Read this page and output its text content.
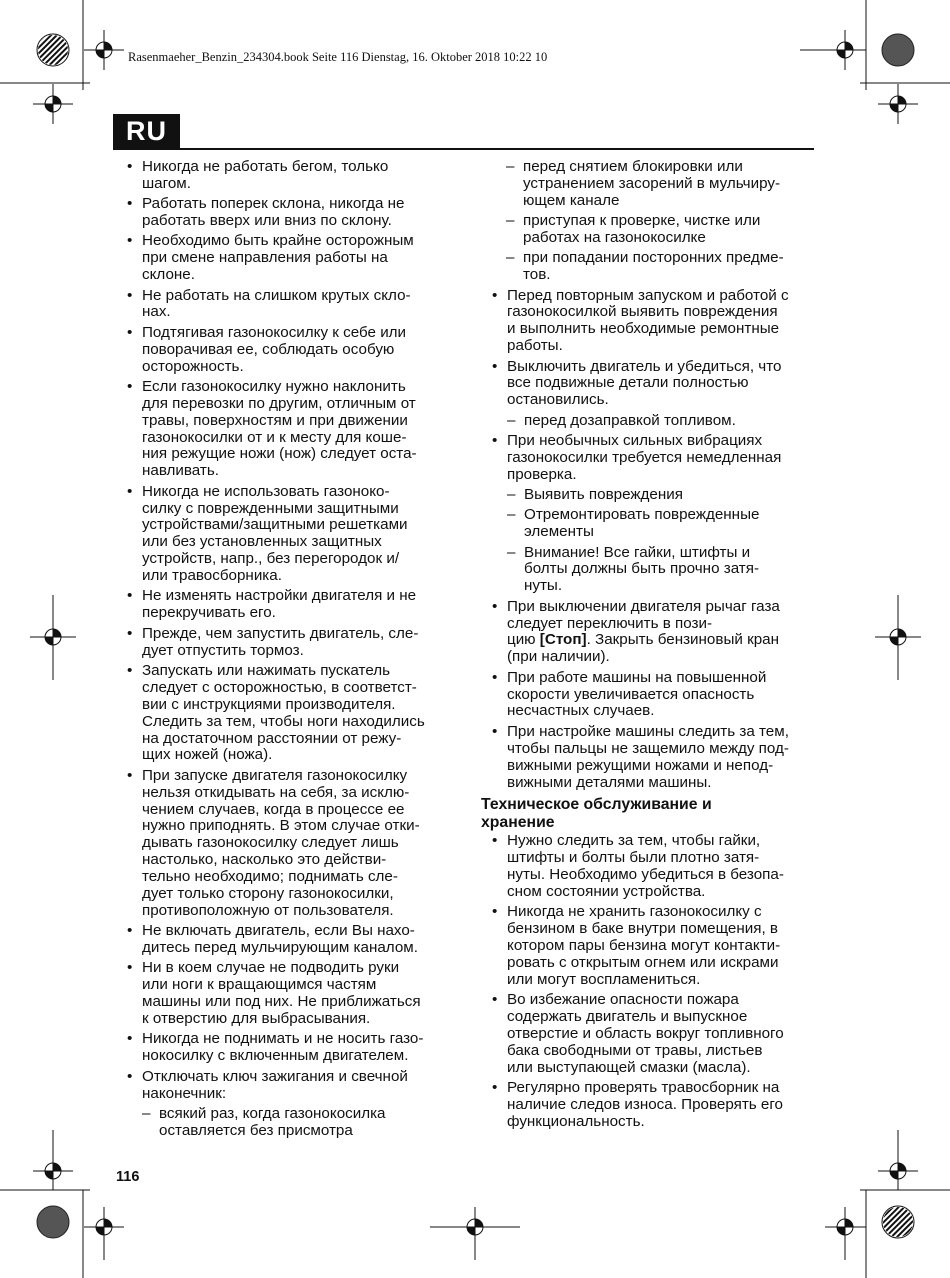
Rasenmaeher_Benzin_234304.book Seite 116 Dienstag, 16. Oktober 2018 10:22 10
RU
• Никогда не работать бегом, только
шагом.
• Работать поперек склона, никогда не
работать вверх или вниз по склону.
• Необходимо быть крайне осторожным
при смене направления работы на
склоне.
• Не работать на слишком крутых скло-
нах.
• Подтягивая газонокосилку к себе или
поворачивая ее, соблюдать особую
осторожность.
• Если газонокосилку нужно наклонить
для перевозки по другим, отличным от
травы, поверхностям и при движении
газонокосилки от и к месту для коше-
ния режущие ножи (нож) следует оста-
навливать.
• Никогда не использовать газоноко-
силку с поврежденными защитными
устройствами/защитными решетками
или без установленных защитных
устройств, напр., без перегородок и/
или травосборника.
• Не изменять настройки двигателя и не
перекручивать его.
• Прежде, чем запустить двигатель, сле-
дует отпустить тормоз.
• Запускать или нажимать пускатель
следует с осторожностью, в соответст-
вии с инструкциями производителя.
Следить за тем, чтобы ноги находились
на достаточном расстоянии от режу-
щих ножей (ножа).
• При запуске двигателя газонокосилку
нельзя откидывать на себя, за исклю-
чением случаев, когда в процессе ее
нужно приподнять. В этом случае отки-
дывать газонокосилку следует лишь
настолько, насколько это действи-
тельно необходимо; поднимать сле-
дует только сторону газонокосилки,
противоположную от пользователя.
• Не включать двигатель, если Вы нахо-
дитесь перед мульчирующим каналом.
• Ни в коем случае не подводить руки
или ноги к вращающимся частям
машины или под них. Не приближаться
к отверстию для выбрасывания.
• Никогда не поднимать и не носить газо-
нокосилку с включенным двигателем.
• Отключать ключ зажигания и свечной
наконечник:
– всякий раз, когда газонокосилка
оставляется без присмотра
– перед снятием блокировки или
устранением засорений в мульчиру-
ющем канале
– приступая к проверке, чистке или
работах на газонокосилке
– при попадании посторонних предме-
тов.
• Перед повторным запуском и работой с
газонокосилкой выявить повреждения
и выполнить необходимые ремонтные
работы.
• Выключить двигатель и убедиться, что
все подвижные детали полностью
остановились.
– перед дозаправкой топливом.
• При необычных сильных вибрациях
газонокосилки требуется немедленная
проверка.
– Выявить повреждения
– Отремонтировать поврежденные
элементы
– Внимание! Все гайки, штифты и
болты должны быть прочно затя-
нуты.
• При выключении двигателя рычаг газа
следует переключить в пози-
цию [Стоп]. Закрыть бензиновый кран
(при наличии).
• При работе машины на повышенной
скорости увеличивается опасность
несчастных случаев.
• При настройке машины следить за тем,
чтобы пальцы не защемило между под-
вижными режущими ножами и непод-
вижными деталями машины.
Техническое обслуживание и
хранение
• Нужно следить за тем, чтобы гайки,
штифты и болты были плотно затя-
нуты. Необходимо убедиться в безопа-
сном состоянии устройства.
• Никогда не хранить газонокосилку с
бензином в баке внутри помещения, в
котором пары бензина могут контакти-
ровать с открытым огнем или искрами
или могут воспламениться.
• Во избежание опасности пожара
содержать двигатель и выпускное
отверстие и область вокруг топливного
бака свободными от травы, листьев
или выступающей смазки (масла).
• Регулярно проверять травосборник на
наличие следов износа. Проверять его
функциональность.
116
